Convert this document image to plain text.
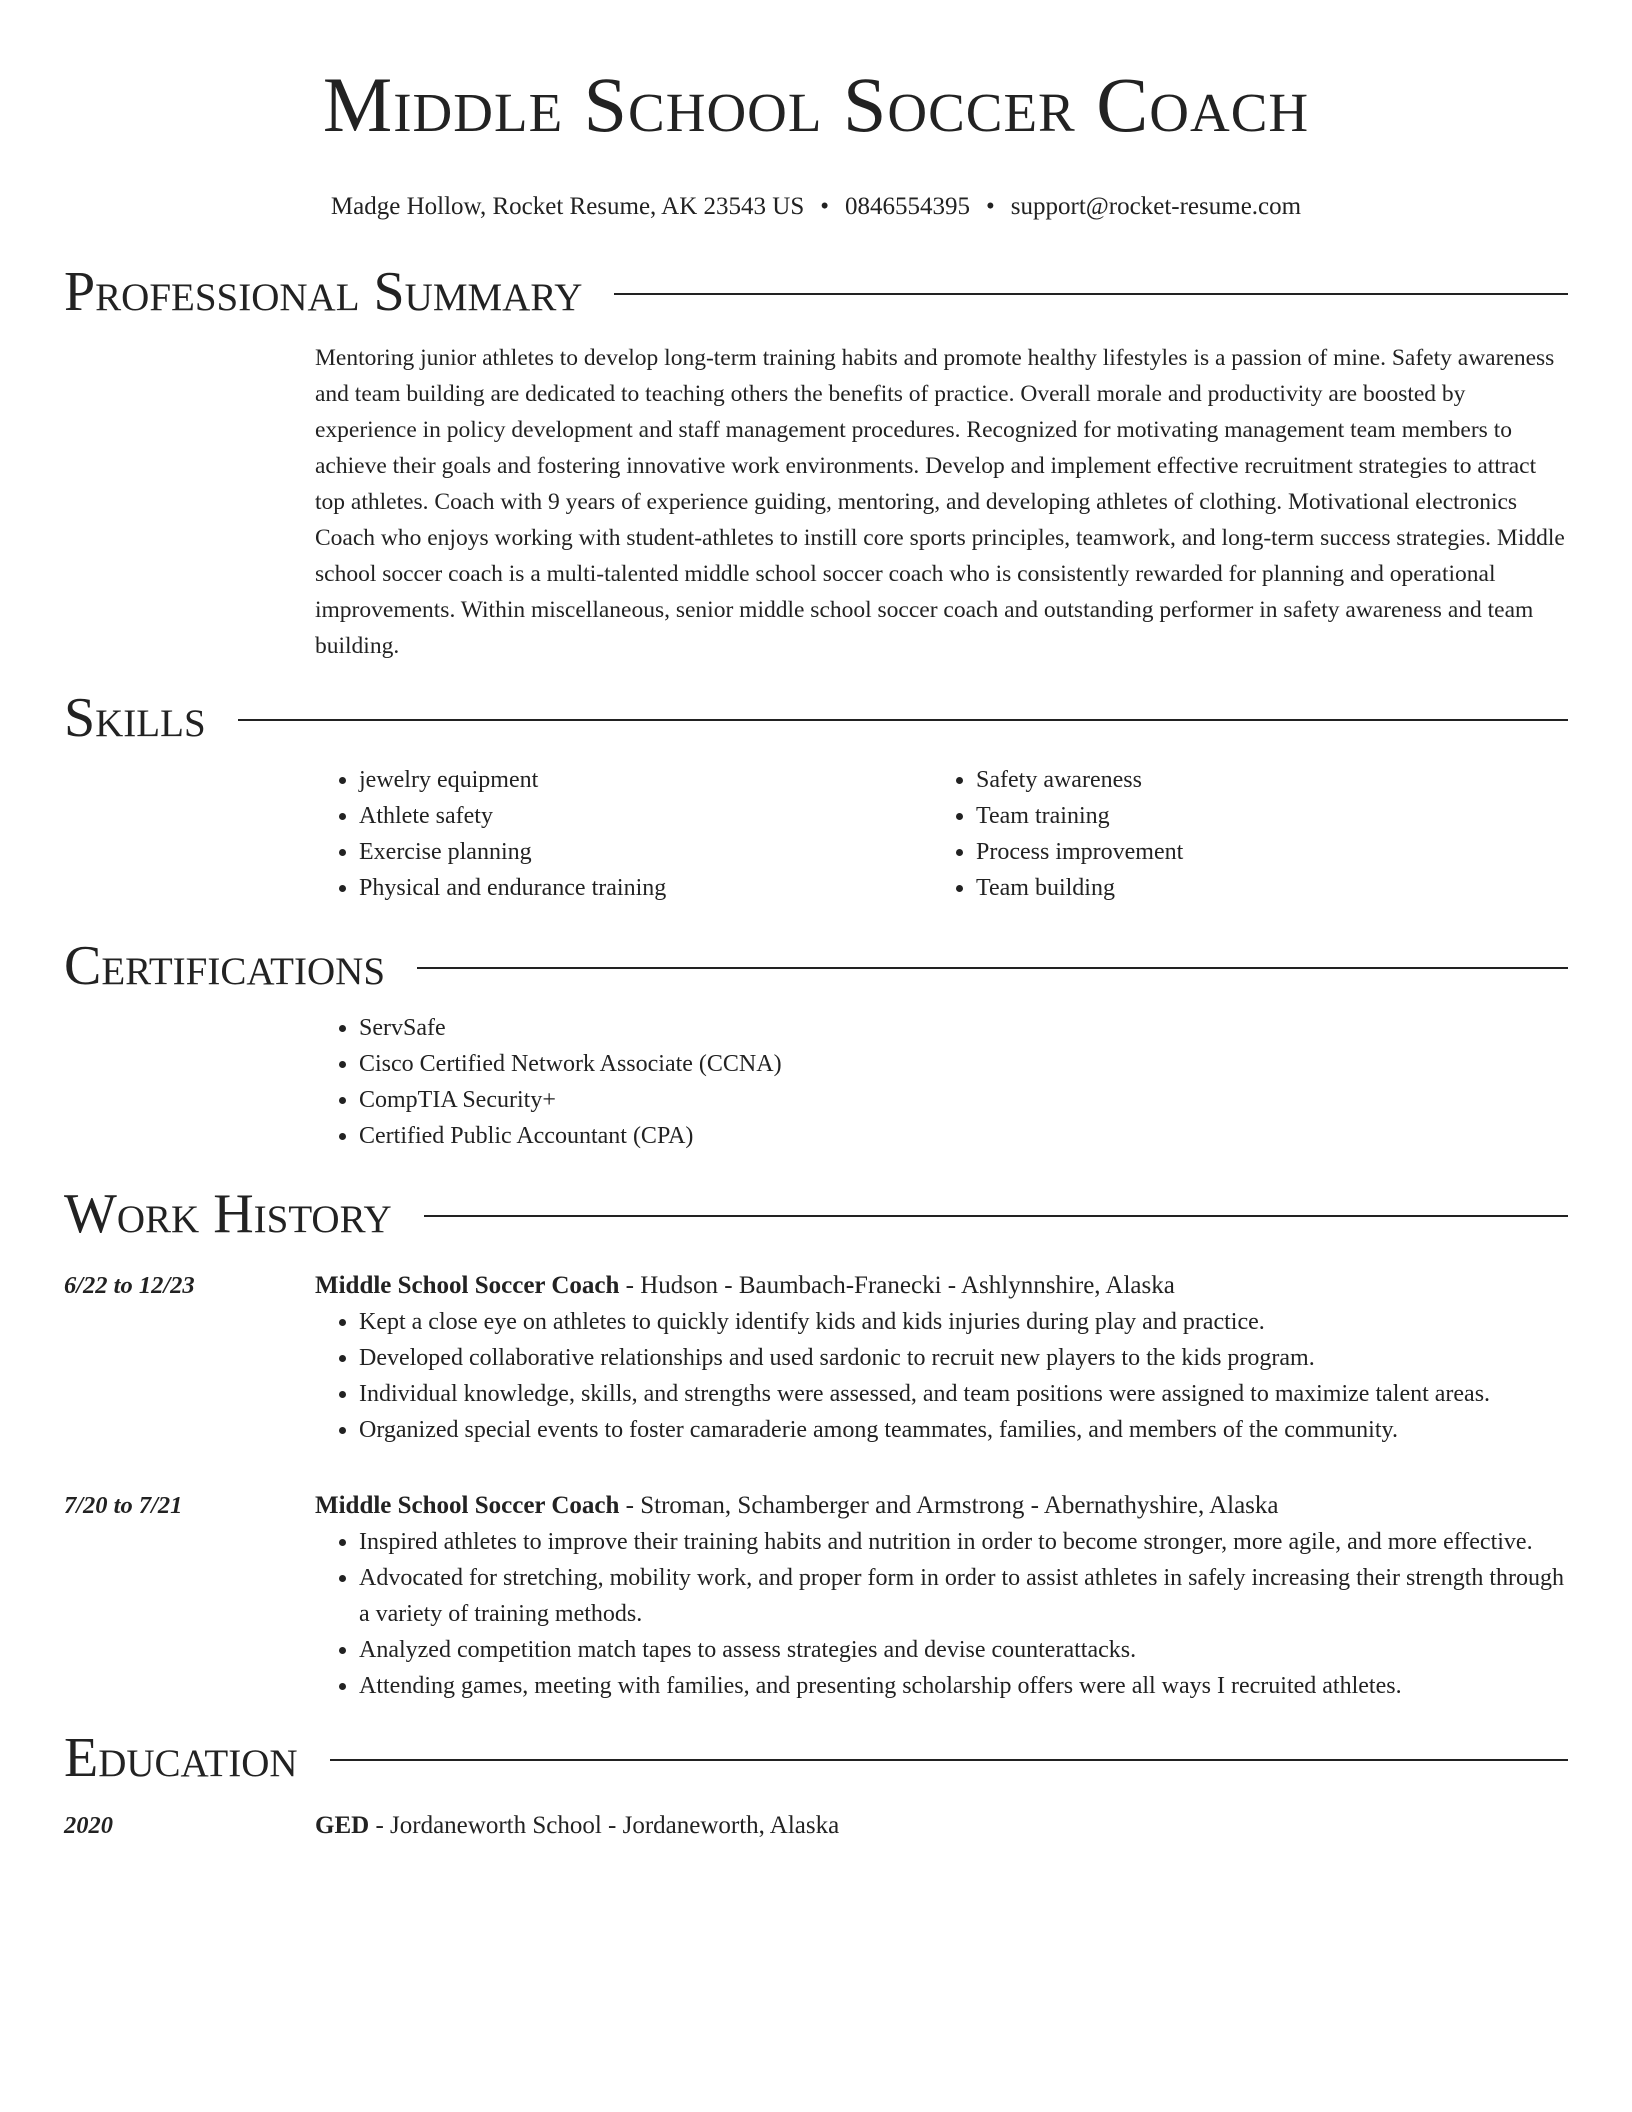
Middle School Soccer Coach
Madge Hollow, Rocket Resume, AK 23543 US • 0846554395 • support@rocket-resume.com
Professional Summary

Mentoring junior athletes to develop long-term training habits and promote healthy lifestyles is a passion of mine. Safety awareness and team building are dedicated to teaching others the benefits of practice. Overall morale and productivity are boosted by experience in policy development and staff management procedures. Recognized for motivating management team members to achieve their goals and fostering innovative work environments. Develop and implement effective recruitment strategies to attract top athletes. Coach with 9 years of experience guiding, mentoring, and developing athletes of clothing. Motivational electronics Coach who enjoys working with student-athletes to instill core sports principles, teamwork, and long-term success strategies. Middle school soccer coach is a multi-talented middle school soccer coach who is consistently rewarded for planning and operational improvements. Within miscellaneous, senior middle school soccer coach and outstanding performer in safety awareness and team building.

Skills
• jewelry equipment
• Athlete safety
• Exercise planning
• Physical and endurance training
• Safety awareness
• Team training
• Process improvement
• Team building
Certifications
• ServSafe
• Cisco Certified Network Associate (CCNA)
• CompTIA Security+
• Certified Public Accountant (CPA)
Work History
6/22 to 12/23	Middle School Soccer Coach - Hudson - Baumbach-Franecki - Ashlynnshire, Alaska
• Kept a close eye on athletes to quickly identify kids and kids injuries during play and practice.
• Developed collaborative relationships and used sardonic to recruit new players to the kids program.
• Individual knowledge, skills, and strengths were assessed, and team positions were assigned to maximize talent areas.
• Organized special events to foster camaraderie among teammates, families, and members of the community.
7/20 to 7/21	Middle School Soccer Coach - Stroman, Schamberger and Armstrong - Abernathyshire, Alaska
• Inspired athletes to improve their training habits and nutrition in order to become stronger, more agile, and more effective.
• Advocated for stretching, mobility work, and proper form in order to assist athletes in safely increasing their strength through a variety of training methods.
• Analyzed competition match tapes to assess strategies and devise counterattacks.
• Attending games, meeting with families, and presenting scholarship offers were all ways I recruited athletes.
Education
2020	GED - Jordaneworth School - Jordaneworth, Alaska
